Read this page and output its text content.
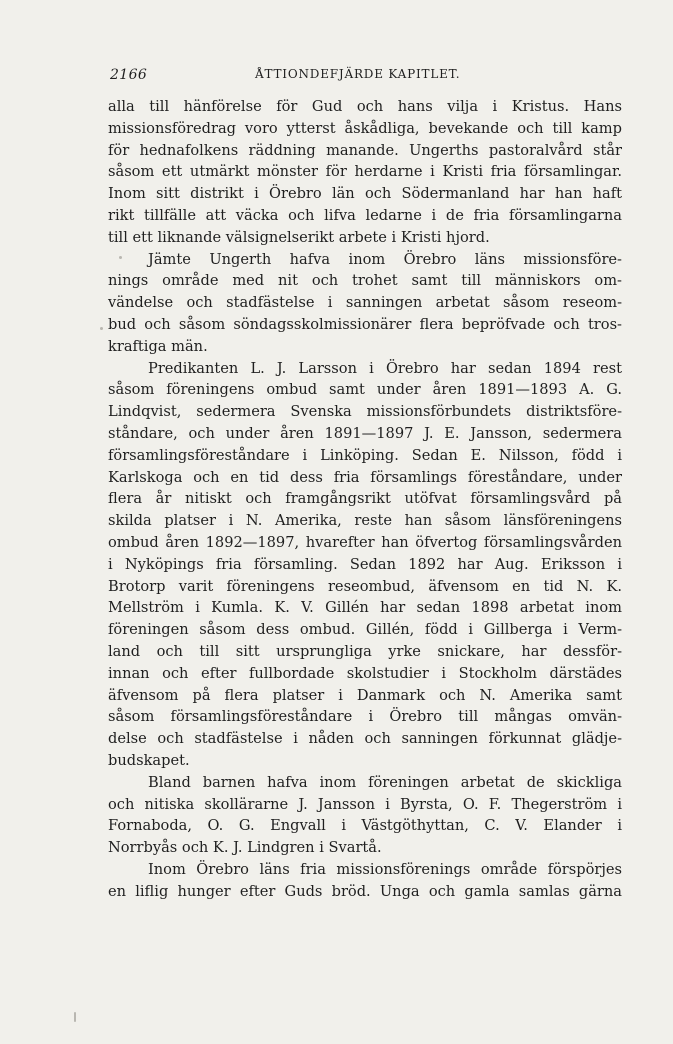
2166	ÅTTIONDEFJÄRDE KAPITLET.
alla till hänförelse för Gud och hans vilja i Kristus. Hans
missionsföredrag voro ytterst åskådliga, bevekande och till kamp
för hednafolkens räddning manande. Ungerths pastoralvård står
såsom ett utmärkt mönster för herdarne i Kristi fria församlingar.
Inom sitt distrikt i Örebro län och Södermanland har han haft
rikt tillfälle att väcka och lifva ledarne i de fria församlingarna
till ett liknande välsignelserikt arbete i Kristi hjord.
Jämte Ungerth hafva inom Örebro läns missionsföre-
nings område med nit och trohet samt till människors om-
vändelse och stadfästelse i sanningen arbetat såsom reseom-
bud och såsom söndagsskolmissionärer flera bepröfvade och tros-
kraftiga män.
Predikanten L. J. Larsson i Örebro har sedan 1894 rest
såsom föreningens ombud samt under åren 1891—1893 A. G.
Lindqvist, sedermera Svenska missionsförbundets distriktsföre-
ståndare, och under åren 1891—1897 J. E. Jansson, sedermera
församlingsföreståndare i Linköping. Sedan E. Nilsson, född i
Karlskoga och en tid dess fria församlings föreståndare, under
flera år nitiskt och framgångsrikt utöfvat församlingsvård på
skilda platser i N. Amerika, reste han såsom länsföreningens
ombud åren 1892—1897, hvarefter han öfvertog församlingsvården
i Nyköpings fria församling. Sedan 1892 har Aug. Eriksson i
Brotorp varit föreningens reseombud, äfvensom en tid N. K.
Mellström i Kumla. K. V. Gillén har sedan 1898 arbetat inom
föreningen såsom dess ombud. Gillén, född i Gillberga i Verm-
land och till sitt ursprungliga yrke snickare, har dessför-
innan och efter fullbordade skolstudier i Stockholm därstädes
äfvensom på flera platser i Danmark och N. Amerika samt
såsom församlingsföreståndare i Örebro till mångas omvän-
delse och stadfästelse i nåden och sanningen förkunnat glädje-
budskapet.
Bland barnen hafva inom föreningen arbetat de skickliga
och nitiska skollärarne J. Jansson i Byrsta, O. F. Thegerström i
Fornaboda, O. G. Engvall i Västgöthyttan, C. V. Elander i
Norrbyås och K. J. Lindgren i Svartå.
Inom Örebro läns fria missionsförenings område förspörjes
en liflig hunger efter Guds bröd. Unga och gamla samlas gärna
